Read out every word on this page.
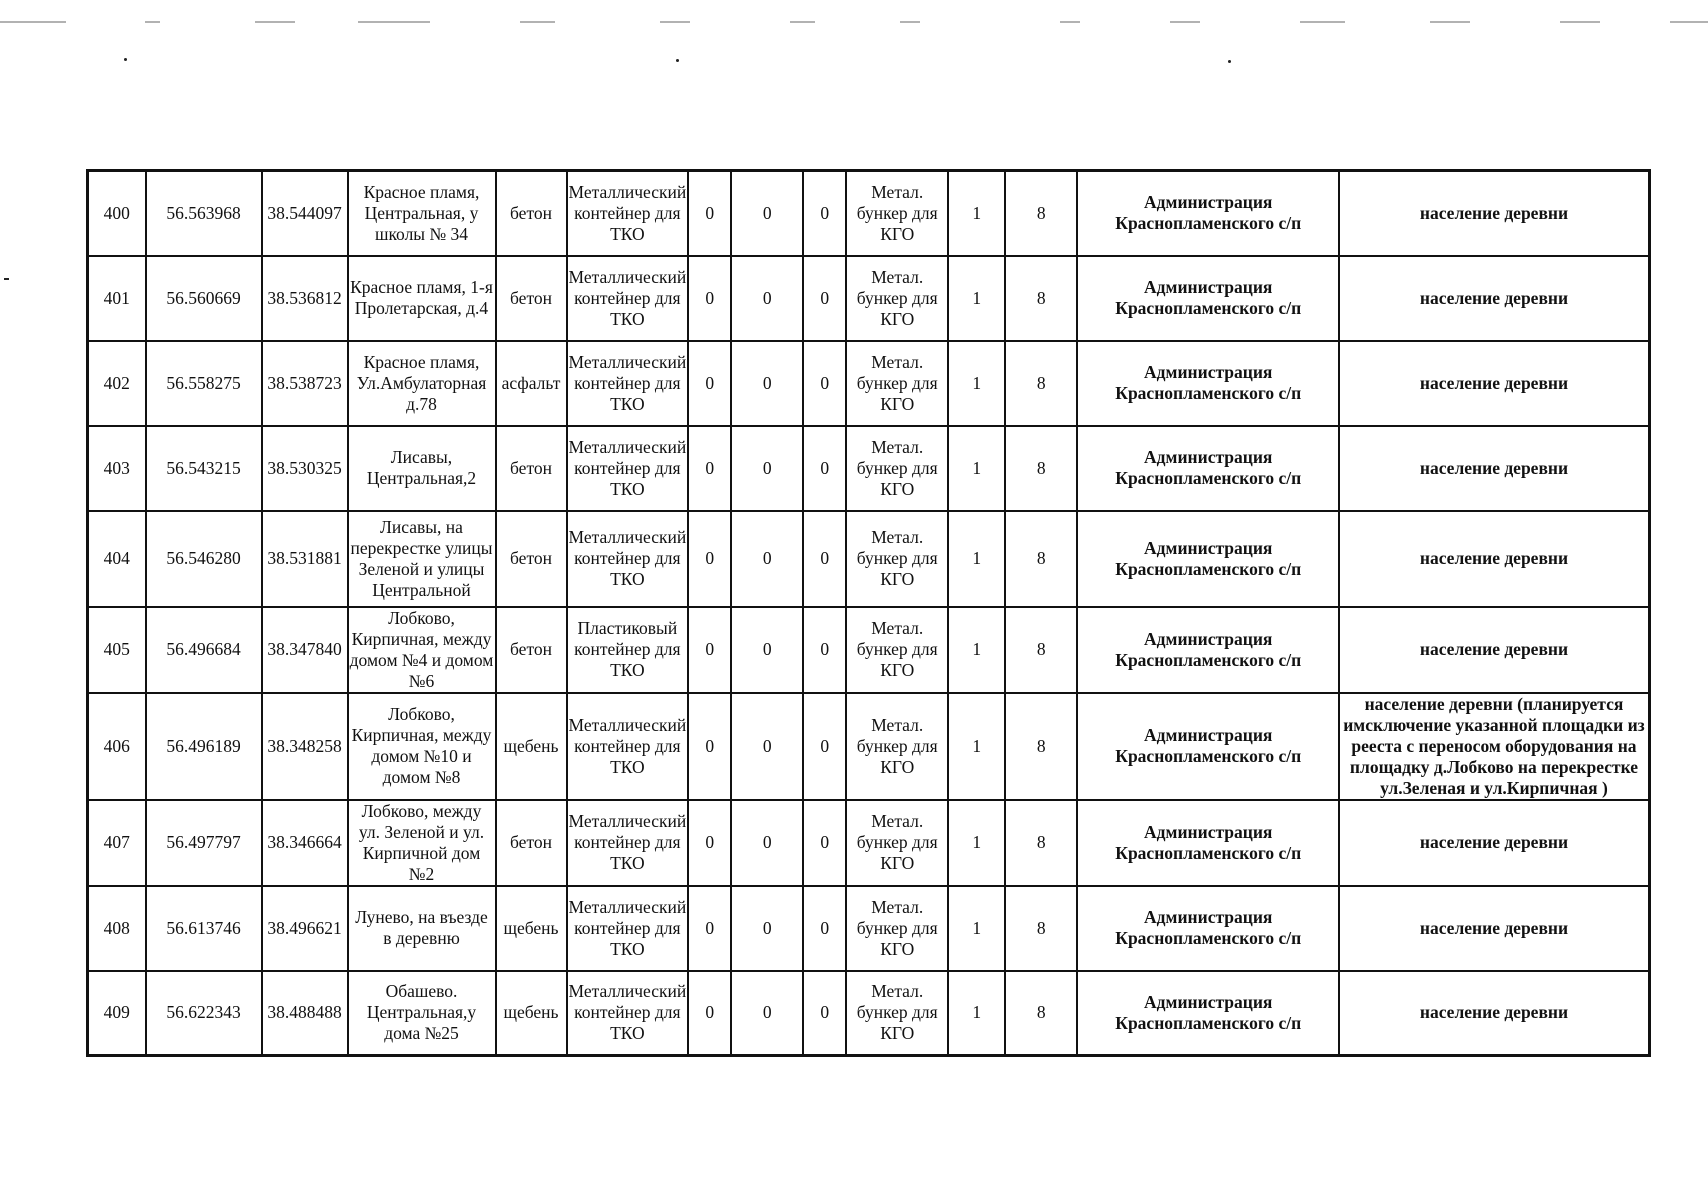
400	56.563968	38.544097	Красное пламя, Центральная, у школы № 34	бетон	Металлический контейнер для ТКО	0	0	0	Метал. бункер для КГО	1	8	Администрация Краснопламенского с/п	население деревни
401	56.560669	38.536812	Красное пламя, 1-я Пролетарская, д.4	бетон	Металлический контейнер для ТКО	0	0	0	Метал. бункер для КГО	1	8	Администрация Краснопламенского с/п	население деревни
402	56.558275	38.538723	Красное пламя, Ул.Амбулаторная д.78	асфальт	Металлический контейнер для ТКО	0	0	0	Метал. бункер для КГО	1	8	Администрация Краснопламенского с/п	население деревни
403	56.543215	38.530325	Лисавы, Центральная,2	бетон	Металлический контейнер для ТКО	0	0	0	Метал. бункер для КГО	1	8	Администрация Краснопламенского с/п	население деревни
404	56.546280	38.531881	Лисавы, на перекрестке улицы Зеленой и улицы Центральной	бетон	Металлический контейнер для ТКО	0	0	0	Метал. бункер для КГО	1	8	Администрация Краснопламенского с/п	население деревни
405	56.496684	38.347840	Лобково, Кирпичная, между домом №4 и домом №6	бетон	Пластиковый контейнер для ТКО	0	0	0	Метал. бункер для КГО	1	8	Администрация Краснопламенского с/п	население деревни
406	56.496189	38.348258	Лобково, Кирпичная, между домом №10 и домом №8	щебень	Металлический контейнер для ТКО	0	0	0	Метал. бункер для КГО	1	8	Администрация Краснопламенского с/п	население деревни (планируется имсключение указанной площадки из реестa с переносом оборудования на площадку д.Лобково на перекрестке ул.Зеленая и ул.Кирпичная )
407	56.497797	38.346664	Лобково, между ул. Зеленой и ул. Кирпичной дом №2	бетон	Металлический контейнер для ТКО	0	0	0	Метал. бункер для КГО	1	8	Администрация Краснопламенского с/п	население деревни
408	56.613746	38.496621	Лунево, на въезде в деревню	щебень	Металлический контейнер для ТКО	0	0	0	Метал. бункер для КГО	1	8	Администрация Краснопламенского с/п	население деревни
409	56.622343	38.488488	Обашево. Центральная,у дома №25	щебень	Металлический контейнер для ТКО	0	0	0	Метал. бункер для КГО	1	8	Администрация Краснопламенского с/п	население деревни
